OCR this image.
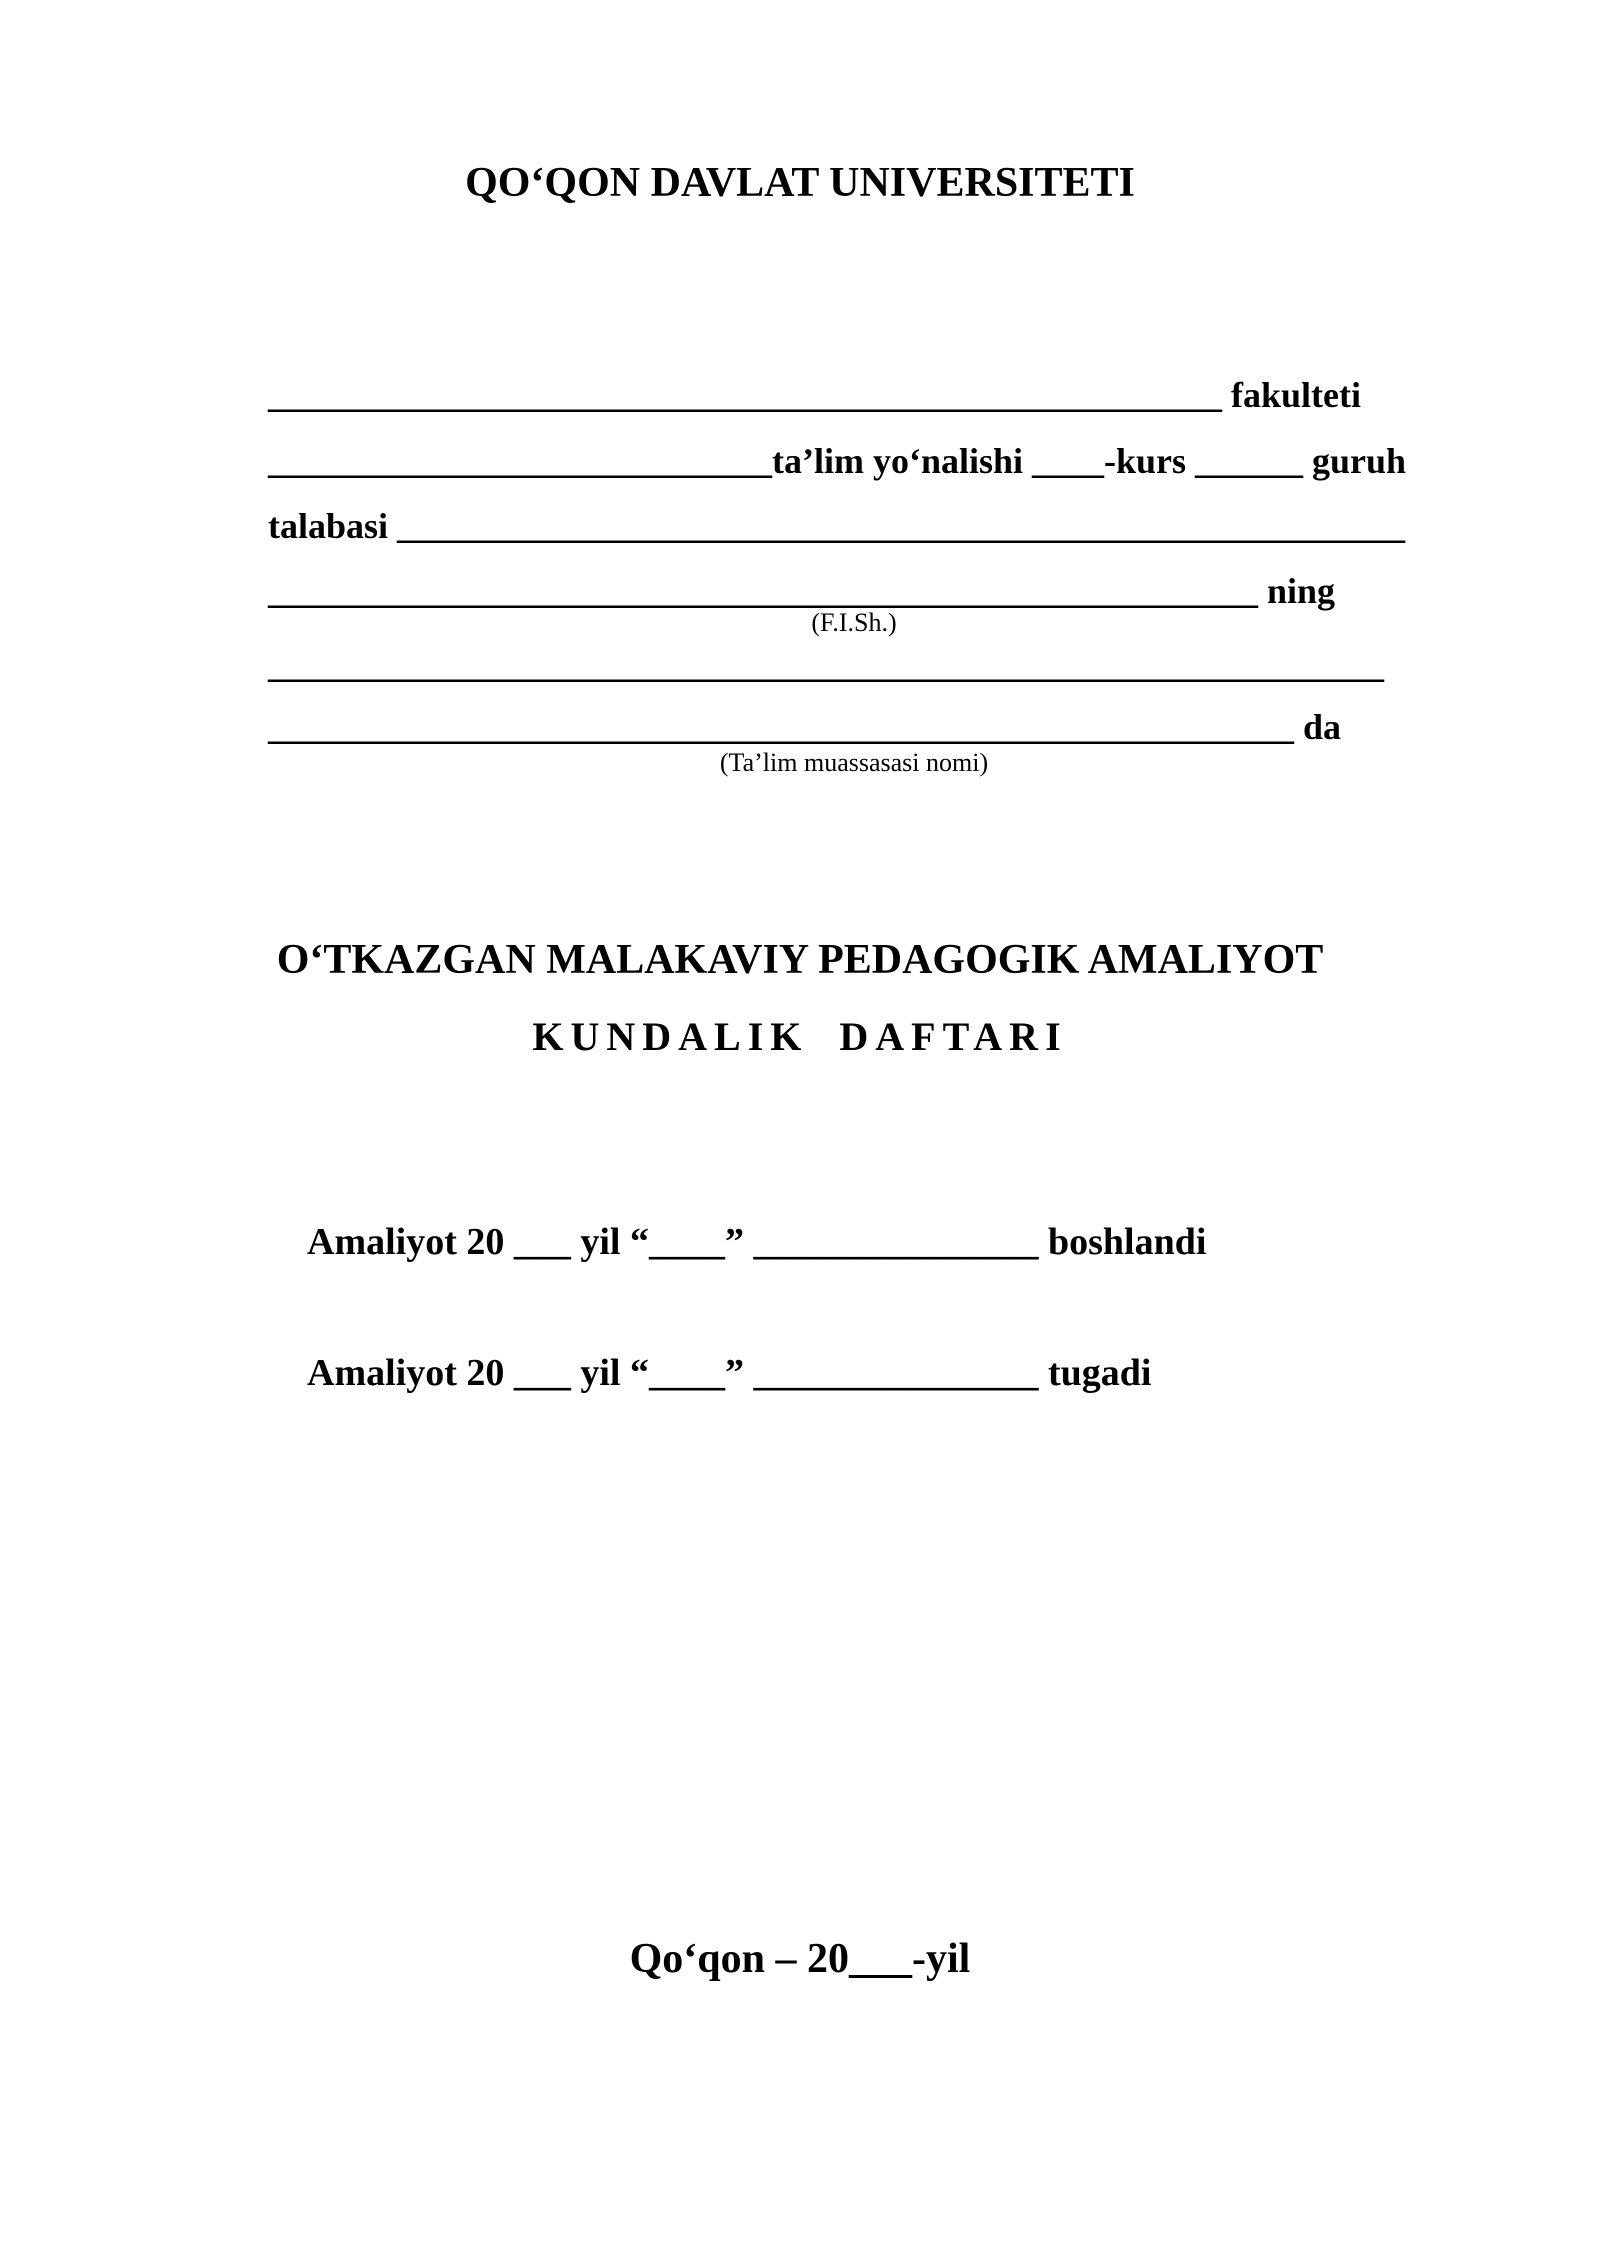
QO‘QON DAVLAT UNIVERSITETI
_____________________________________________________ fakulteti
____________________________ta’lim yo‘nalishi ____-kurs ______ guruh
talabasi ________________________________________________________
_______________________________________________________ ning
(F.I.Sh.)
______________________________________________________________
_________________________________________________________ da
(Ta’lim muassasasi nomi)
O‘TKAZGAN MALAKAVIY PEDAGOGIK AMALIYOT
KUNDALIK DAFTARI
Amaliyot 20 ___ yil “____” _______________ boshlandi
Amaliyot 20 ___ yil “____” _______________ tugadi
Qo‘qon – 20___-yil
